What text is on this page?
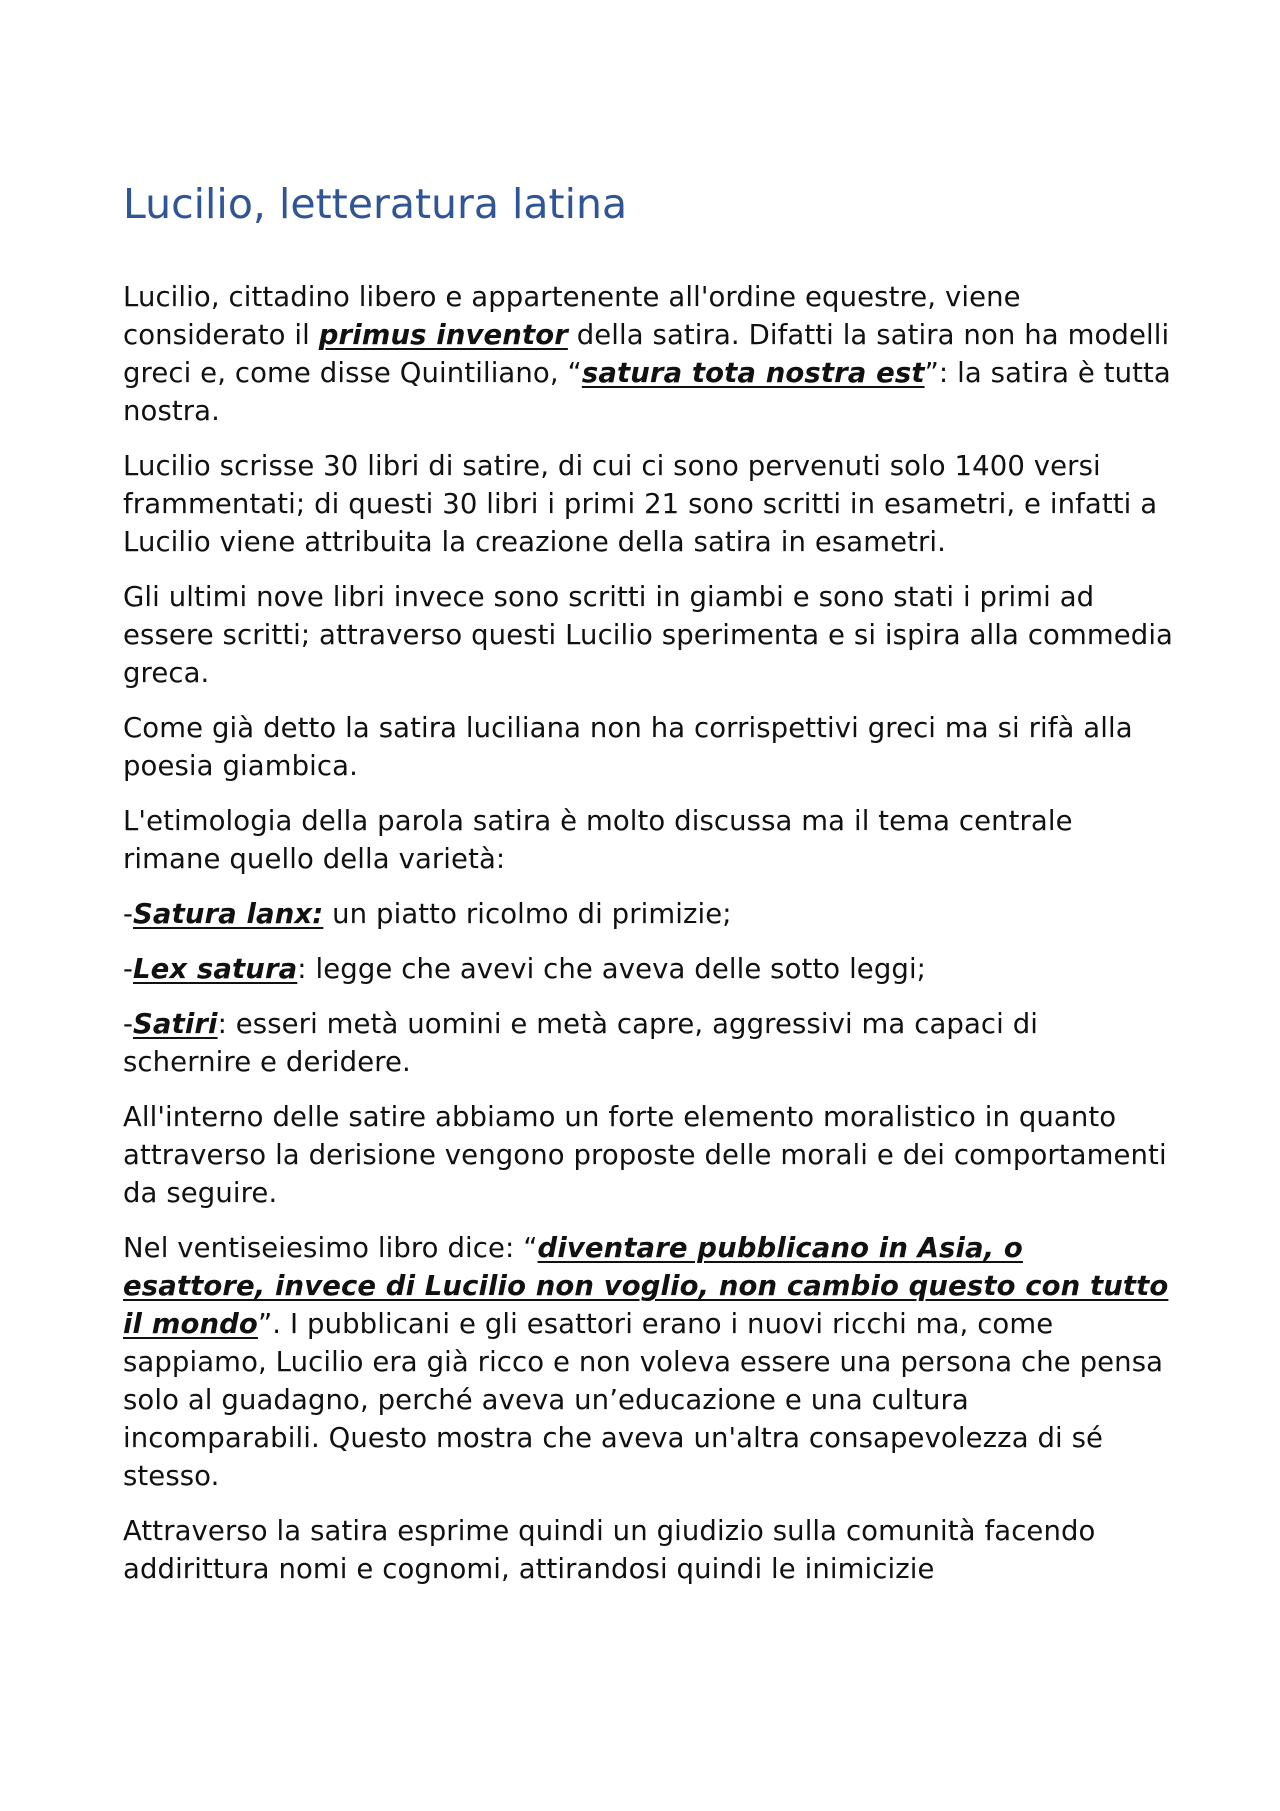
Lucilio, letteratura latina

Lucilio, cittadino libero e appartenente all'ordine equestre, viene considerato il primus inventor della satira. Difatti la satira non ha modelli greci e, come disse Quintiliano, “satura tota nostra est”: la satira è tutta nostra.

Lucilio scrisse 30 libri di satire, di cui ci sono pervenuti solo 1400 versi frammentati; di questi 30 libri i primi 21 sono scritti in esametri, e infatti a Lucilio viene attribuita la creazione della satira in esametri.

Gli ultimi nove libri invece sono scritti in giambi e sono stati i primi ad essere scritti; attraverso questi Lucilio sperimenta e si ispira alla commedia greca.

Come già detto la satira luciliana non ha corrispettivi greci ma si rifà alla poesia giambica.

L'etimologia della parola satira è molto discussa ma il tema centrale rimane quello della varietà:

-Satura lanx: un piatto ricolmo di primizie;

-Lex satura: legge che avevi che aveva delle sotto leggi;

-Satiri: esseri metà uomini e metà capre, aggressivi ma capaci di schernire e deridere.

All'interno delle satire abbiamo un forte elemento moralistico in quanto attraverso la derisione vengono proposte delle morali e dei comportamenti da seguire.

Nel ventiseiesimo libro dice: “diventare pubblicano in Asia, o esattore, invece di Lucilio non voglio, non cambio questo con tutto il mondo”. I pubblicani e gli esattori erano i nuovi ricchi ma, come sappiamo, Lucilio era già ricco e non voleva essere una persona che pensa solo al guadagno, perché aveva un’educazione e una cultura incomparabili. Questo mostra che aveva un'altra consapevolezza di sé stesso.

Attraverso la satira esprime quindi un giudizio sulla comunità facendo addirittura nomi e cognomi, attirandosi quindi le inimicizie
